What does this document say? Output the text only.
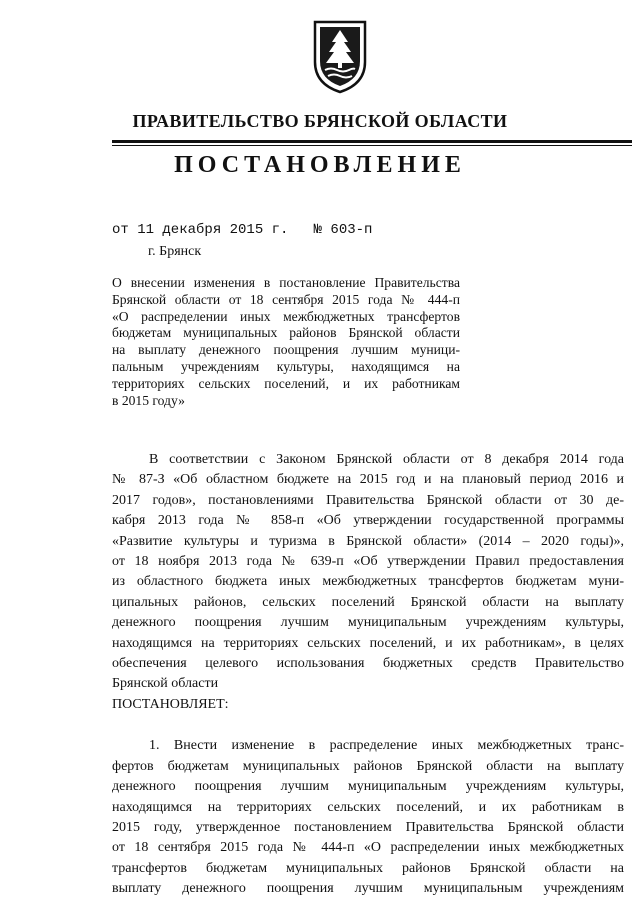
ПРАВИТЕЛЬСТВО БРЯНСКОЙ ОБЛАСТИ
ПОСТАНОВЛЕНИЕ
от 11 декабря 2015 г.   № 603-п
г. Брянск
О внесении изменения в постановление Правительства
Брянской области от 18 сентября 2015 года № 444-п
«О распределении иных межбюджетных трансфертов
бюджетам муниципальных районов Брянской области
на выплату денежного поощрения лучшим муници-
пальным учреждениям культуры, находящимся на
территориях сельских поселений, и их работникам
в 2015 году»
В соответствии с Законом Брянской области от 8 декабря 2014 года
№ 87-З «Об областном бюджете на 2015 год и на плановый период 2016 и
2017 годов», постановлениями Правительства Брянской области от 30 де-
кабря 2013 года № 858-п «Об утверждении государственной программы
«Развитие культуры и туризма в Брянской области» (2014 – 2020 годы)»,
от 18 ноября 2013 года № 639-п «Об утверждении Правил предоставления
из областного бюджета иных межбюджетных трансфертов бюджетам муни-
ципальных районов, сельских поселений Брянской области на выплату
денежного поощрения лучшим муниципальным учреждениям культуры,
находящимся на территориях сельских поселений, и их работникам», в целях
обеспечения целевого использования бюджетных средств Правительство
Брянской области
ПОСТАНОВЛЯЕТ:
1. Внести изменение в распределение иных межбюджетных транс-
фертов бюджетам муниципальных районов Брянской области на выплату
денежного поощрения лучшим муниципальным учреждениям культуры,
находящимся на территориях сельских поселений, и их работникам в
2015 году, утвержденное постановлением Правительства Брянской области
от 18 сентября 2015 года № 444-п «О распределении иных межбюджетных
трансфертов бюджетам муниципальных районов Брянской области на
выплату денежного поощрения лучшим муниципальным учреждениям
